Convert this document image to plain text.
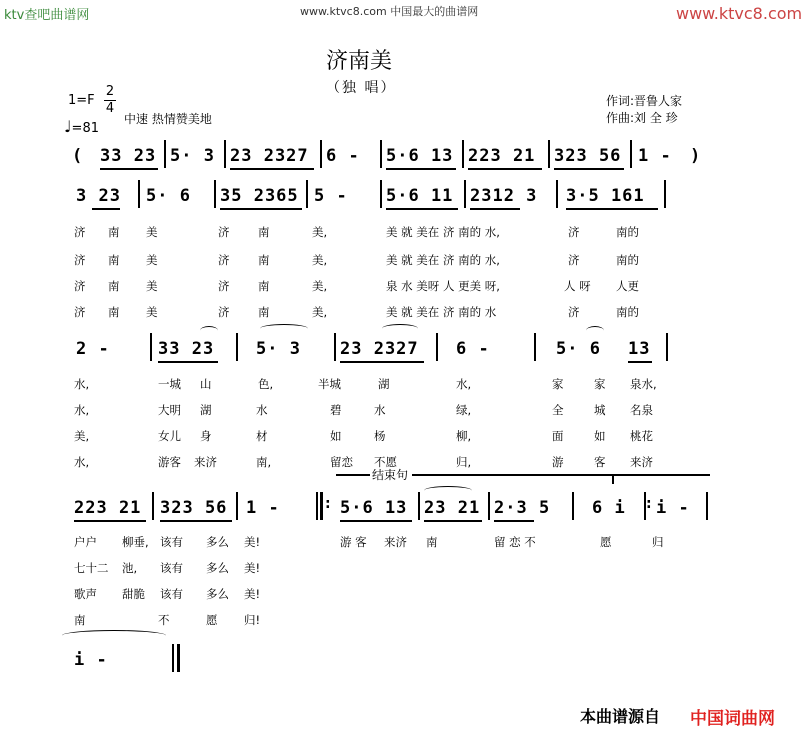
ktv查吧曲谱网	www.ktvc8.com 中国最大的曲谱网	www.ktvc8.com
济南美
（独 唱）
1=F
2
4
♩=81
中速 热情赞美地
作词:晋鲁人家
作曲:刘 全 珍
( 33 23 5· 3 23 2327 6 - 5·6 13 223 21 323 56 1 - )
3 23 5· 6 35 2365 5 - 5·6 11 2312 3 3·5 161
济 南 美	济 南	美,	美 就 美在 济 南的 水,	济	南的
济 南 美	济 南	美,	美 就 美在 济 南的 水,	济	南的
济 南 美	济 南	美,	泉 水 美呀 人 更美 呀,	人 呀 人更
济 南 美	济 南	美,	美 就 美在 济 南的 水	济	南的
2 -	33 23 5· 3 23 2327 6 -	5· 6 13
水,	一城 山	色,	半城	湖	水,	家	家 泉水,
水,	大明 湖	水	碧	水	绿,	全	城 名泉
美,	女儿 身	材	如	杨	柳,	面	如 桃花
水,	游客 来济	南,	留恋 不愿	归,	游	客 来济
结束句
223 21 323 56 1 -	: 5·6 13 23 21 2·3 5 6 i : i -
户户 柳垂, 该有 多么 美!	游 客 来济 南	留 恋 不	愿	归
七十二 池, 该有 多么 美!
歌声 甜脆 该有 多么 美!
南	不	愿 归!
i -
本曲谱源自 中国词曲网
